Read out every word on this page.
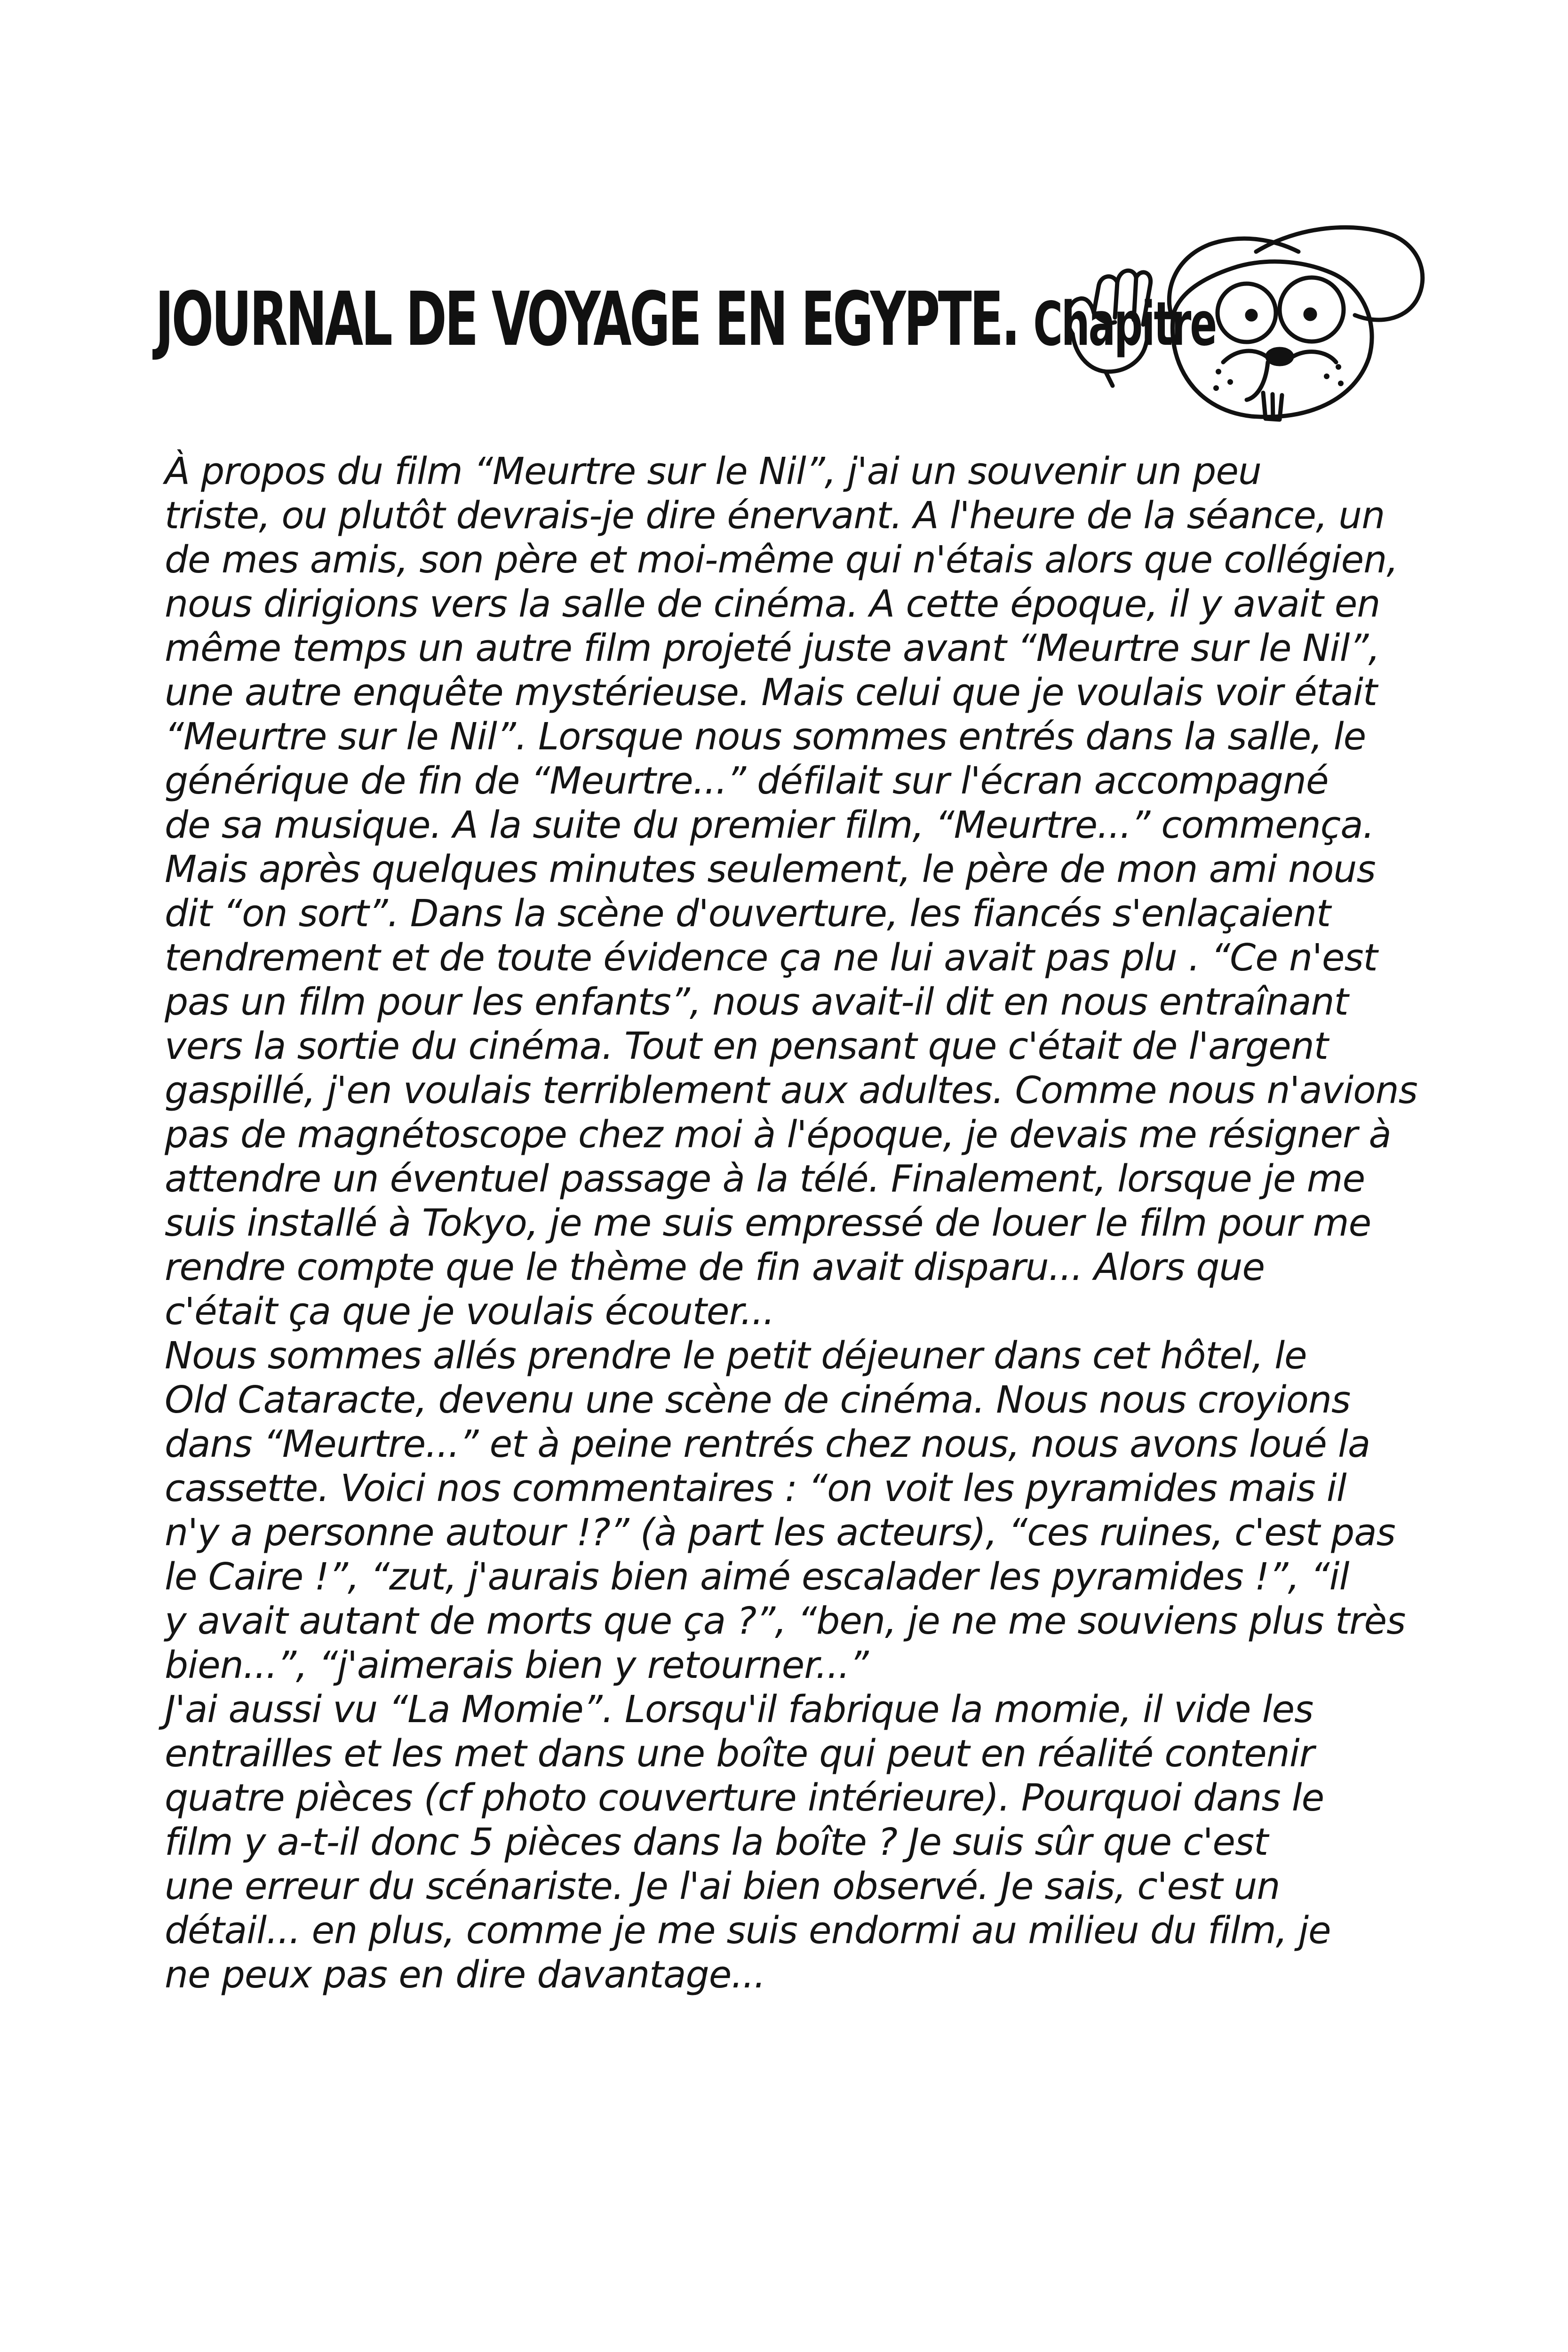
JOURNAL DE VOYAGE EN EGYPTE. Chapitre
À propos du film “Meurtre sur le Nil”, j'ai un souvenir un peu
triste, ou plutôt devrais-je dire énervant. A l'heure de la séance, un
de mes amis, son père et moi-même qui n'étais alors que collégien,
nous dirigions vers la salle de cinéma. A cette époque, il y avait en
même temps un autre film projeté juste avant “Meurtre sur le Nil”,
une autre enquête mystérieuse. Mais celui que je voulais voir était
“Meurtre sur le Nil”. Lorsque nous sommes entrés dans la salle, le
générique de fin de “Meurtre...” défilait sur l'écran accompagné
de sa musique. A la suite du premier film, “Meurtre...” commença.
Mais après quelques minutes seulement, le père de mon ami nous
dit “on sort”. Dans la scène d'ouverture, les fiancés s'enlaçaient
tendrement et de toute évidence ça ne lui avait pas plu . “Ce n'est
pas un film pour les enfants”, nous avait-il dit en nous entraînant
vers la sortie du cinéma. Tout en pensant que c'était de l'argent
gaspillé, j'en voulais terriblement aux adultes. Comme nous n'avions
pas de magnétoscope chez moi à l'époque, je devais me résigner à
attendre un éventuel passage à la télé. Finalement, lorsque je me
suis installé à Tokyo, je me suis empressé de louer le film pour me
rendre compte que le thème de fin avait disparu... Alors que
c'était ça que je voulais écouter...
Nous sommes allés prendre le petit déjeuner dans cet hôtel, le
Old Cataracte, devenu une scène de cinéma. Nous nous croyions
dans “Meurtre...” et à peine rentrés chez nous, nous avons loué la
cassette. Voici nos commentaires : “on voit les pyramides mais il
n'y a personne autour !?” (à part les acteurs), “ces ruines, c'est pas
le Caire !”, “zut, j'aurais bien aimé escalader les pyramides !”, “il
y avait autant de morts que ça ?”, “ben, je ne me souviens plus très
bien...”, “j'aimerais bien y retourner...”
J'ai aussi vu “La Momie”. Lorsqu'il fabrique la momie, il vide les
entrailles et les met dans une boîte qui peut en réalité contenir
quatre pièces (cf photo couverture intérieure). Pourquoi dans le
film y a-t-il donc 5 pièces dans la boîte ? Je suis sûr que c'est
une erreur du scénariste. Je l'ai bien observé. Je sais, c'est un
détail... en plus, comme je me suis endormi au milieu du film, je
ne peux pas en dire davantage...
